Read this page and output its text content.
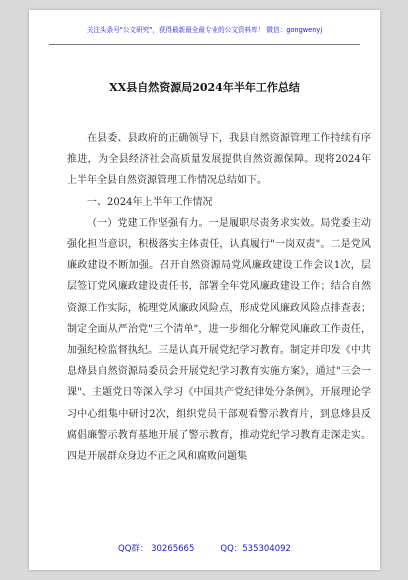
关注头条号"公文研究"，获得最新最全最专业的公文资料库！ 微信：gongwenyj
XX县自然资源局2024年半年工作总结

在县委、县政府的正确领导下，我县自然资源管理工作持续有序推进，为全县经济社会高质量发展提供自然资源保障。现将2024年上半年全县自然资源管理工作情况总结如下。

一、2024年上半年工作情况

（一）党建工作坚强有力。一是履职尽责务求实效。局党委主动强化担当意识，积极落实主体责任，认真履行"一岗双责"。二是党风廉政建设不断加强。召开自然资源局党风廉政建设工作会议1次，层层签订党风廉政建设责任书，部署全年党风廉政建设工作；结合自然资源工作实际，梳理党风廉政风险点，形成党风廉政风险点排查表；制定全面从严治党"三个清单"，进一步细化分解党风廉政工作责任，加强纪检监督执纪。三是认真开展党纪学习教育。制定并印发《中共息烽县自然资源局委员会开展党纪学习教育实施方案》，通过"三会一课"、主题党日等深入学习《中国共产党纪律处分条例》，开展理论学习中心组集中研讨2次，组织党员干部观看警示教育片，到息烽县反腐倡廉警示教育基地开展了警示教育，推动党纪学习教育走深走实。四是开展群众身边不正之风和腐败问题集

QQ群： 30265665	QQ：535304092
